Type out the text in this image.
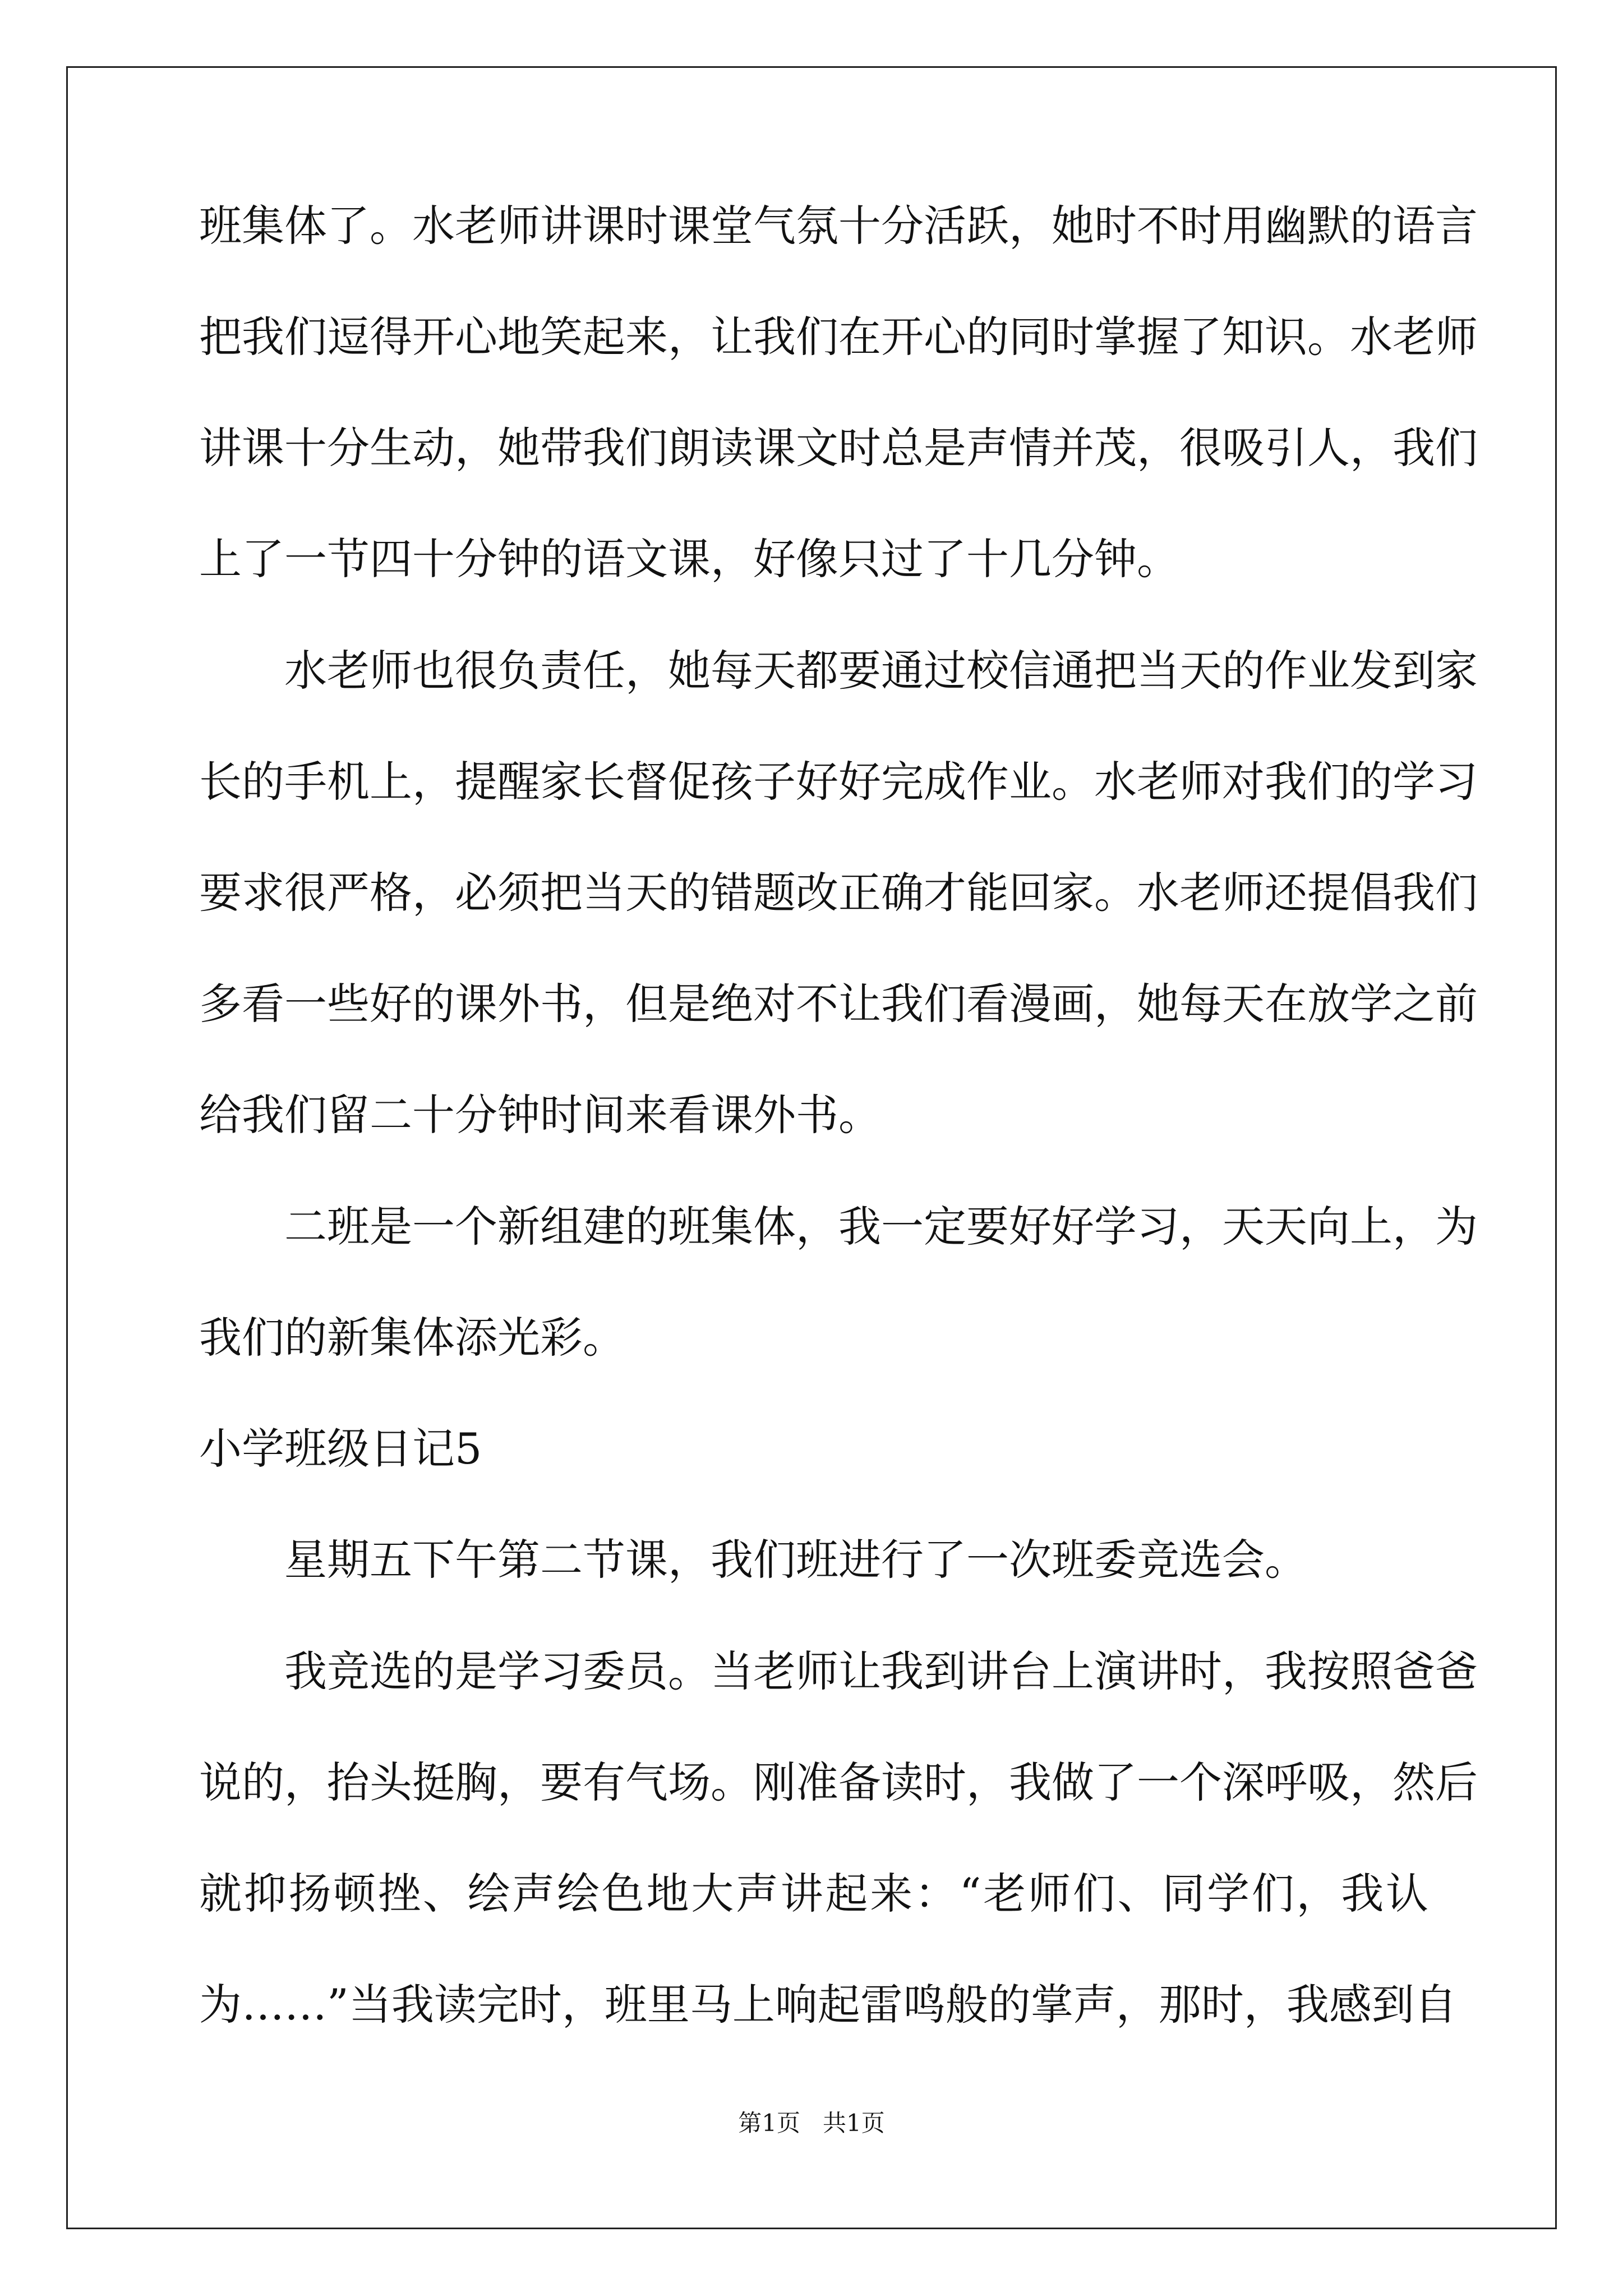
班集体了。水老师讲课时课堂气氛十分活跃，她时不时用幽默的语言

把我们逗得开心地笑起来，让我们在开心的同时掌握了知识。水老师

讲课十分生动，她带我们朗读课文时总是声情并茂，很吸引人，我们

上了一节四十分钟的语文课，好像只过了十几分钟。

水老师也很负责任，她每天都要通过校信通把当天的作业发到家

长的手机上，提醒家长督促孩子好好完成作业。水老师对我们的学习

要求很严格，必须把当天的错题改正确才能回家。水老师还提倡我们

多看一些好的课外书，但是绝对不让我们看漫画，她每天在放学之前

给我们留二十分钟时间来看课外书。

二班是一个新组建的班集体，我一定要好好学习，天天向上，为

我们的新集体添光彩。

小学班级日记5

星期五下午第二节课，我们班进行了一次班委竞选会。

我竞选的是学习委员。当老师让我到讲台上演讲时，我按照爸爸

说的，抬头挺胸，要有气场。刚准备读时，我做了一个深呼吸，然后

就抑扬顿挫、绘声绘色地大声讲起来：“老师们、同学们，我认

为……”当我读完时，班里马上响起雷鸣般的掌声，那时，我感到自

第1页 共1页
